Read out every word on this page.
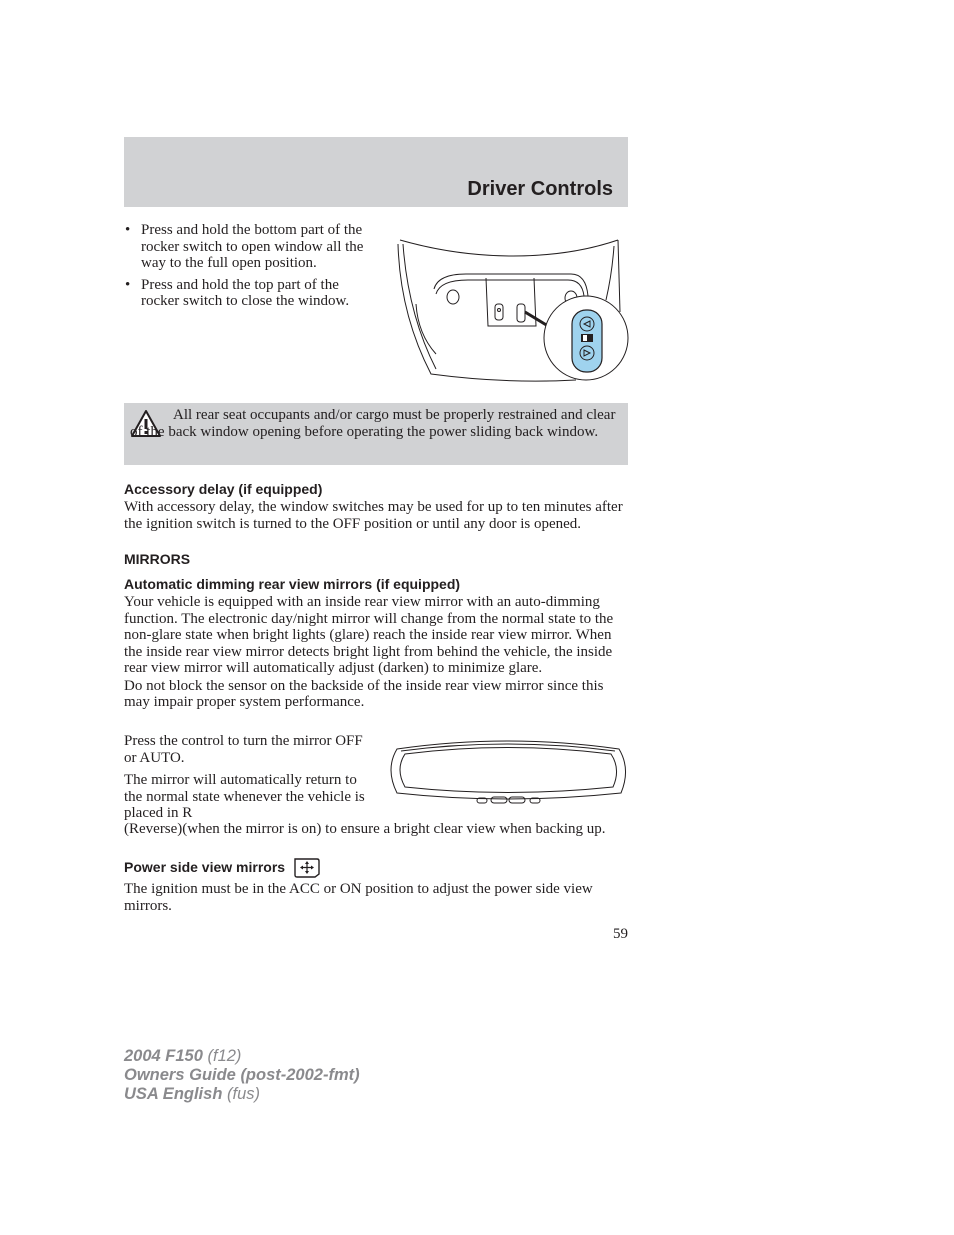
Driver Controls
• Press and hold the bottom part of the rocker switch to open window all the way to the full open position.
• Press and hold the top part of the rocker switch to close the window.

All rear seat occupants and/or cargo must be properly restrained and clear of the back window opening before operating the power sliding back window.

Accessory delay (if equipped)

With accessory delay, the window switches may be used for up to ten minutes after the ignition switch is turned to the OFF position or until any door is opened.

MIRRORS
Automatic dimming rear view mirrors (if equipped)

Your vehicle is equipped with an inside rear view mirror with an auto-dimming function. The electronic day/night mirror will change from the normal state to the non-glare state when bright lights (glare) reach the inside rear view mirror. When the inside rear view mirror detects bright light from behind the vehicle, the inside rear view mirror will automatically adjust (darken) to minimize glare.

Do not block the sensor on the backside of the inside rear view mirror since this may impair proper system performance.

Press the control to turn the mirror OFF or AUTO.

The mirror will automatically return to the normal state whenever the vehicle is placed in R

(Reverse)(when the mirror is on) to ensure a bright clear view when backing up.

Power side view mirrors

The ignition must be in the ACC or ON position to adjust the power side view mirrors.

59
2004 F150 (f12)
Owners Guide (post-2002-fmt)
USA English (fus)
